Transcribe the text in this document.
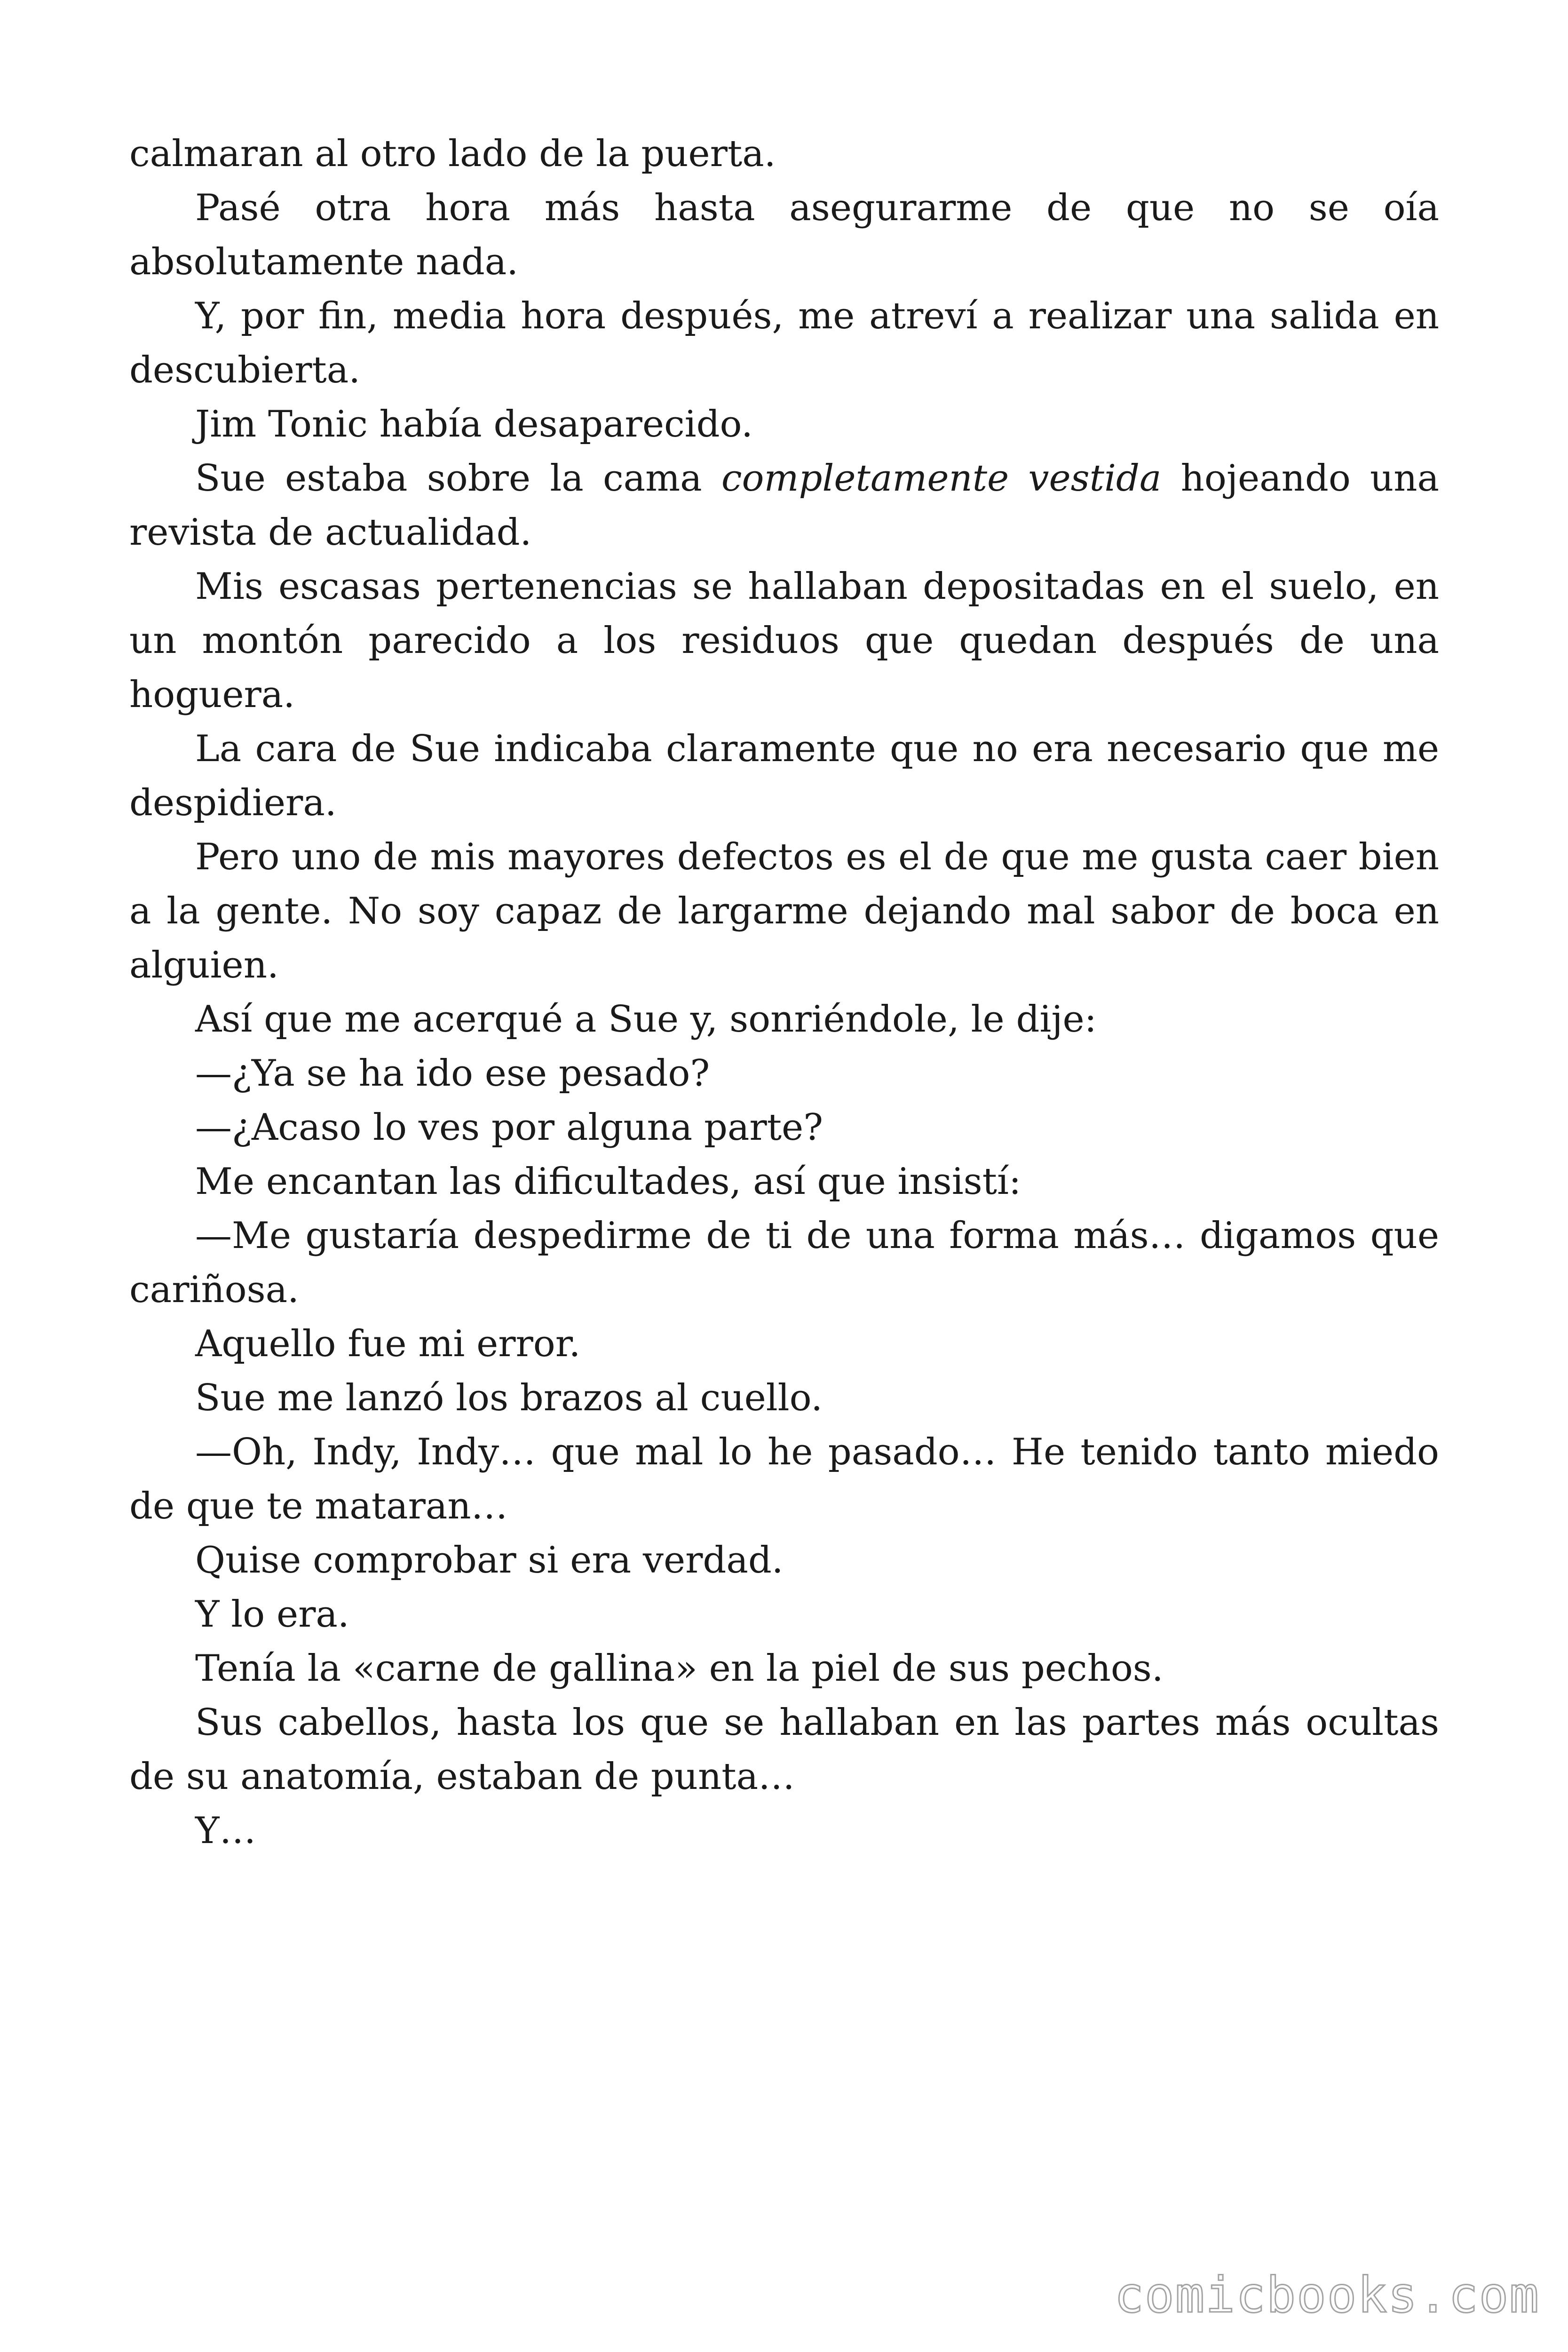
calmaran al otro lado de la puerta.

Pasé otra hora más hasta asegurarme de que no se oía absolutamente nada.

Y, por fin, media hora después, me atreví a realizar una salida en descubierta.

Jim Tonic había desaparecido.

Sue estaba sobre la cama completamente vestida hojeando una revista de actualidad.

Mis escasas pertenencias se hallaban depositadas en el suelo, en un montón parecido a los residuos que quedan después de una hoguera.

La cara de Sue indicaba claramente que no era necesario que me despidiera.

Pero uno de mis mayores defectos es el de que me gusta caer bien a la gente. No soy capaz de largarme dejando mal sabor de boca en alguien.

Así que me acerqué a Sue y, sonriéndole, le dije:

—¿Ya se ha ido ese pesado?

—¿Acaso lo ves por alguna parte?

Me encantan las dificultades, así que insistí:

—Me gustaría despedirme de ti de una forma más… digamos que cariñosa.

Aquello fue mi error.

Sue me lanzó los brazos al cuello.

—Oh, Indy, Indy… que mal lo he pasado… He tenido tanto miedo de que te mataran…

Quise comprobar si era verdad.

Y lo era.

Tenía la «carne de gallina» en la piel de sus pechos.

Sus cabellos, hasta los que se hallaban en las partes más ocultas de su anatomía, estaban de punta…

Y…

comicbooks.com
